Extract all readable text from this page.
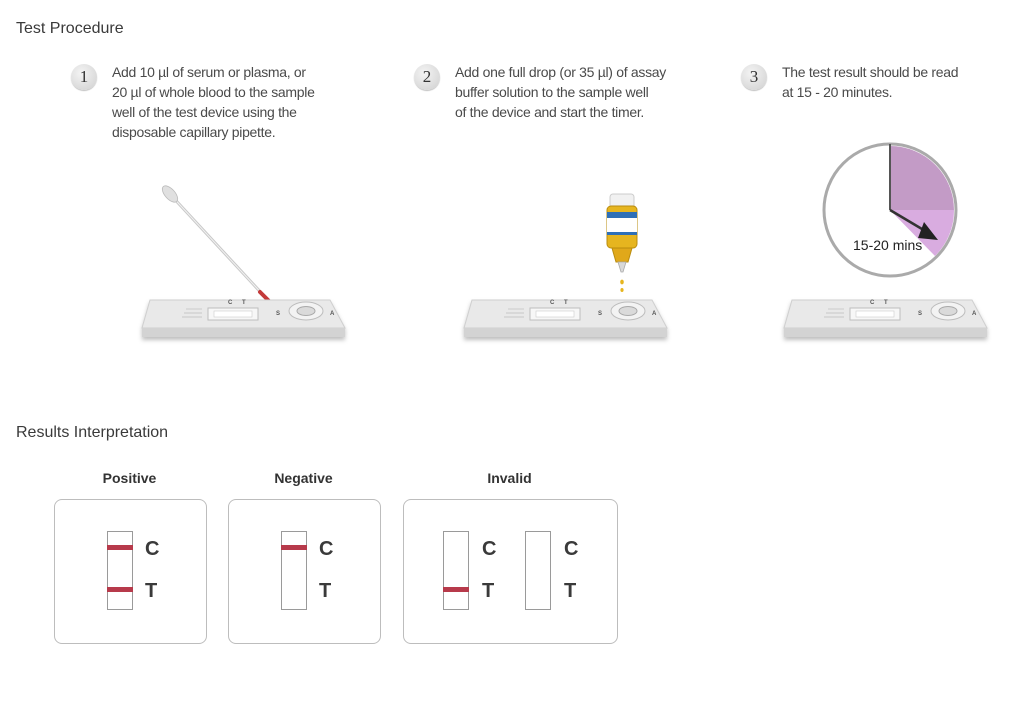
Test Procedure
1	Add 10 µl of serum or plasma, or
20 µl of whole blood to the sample
well of the test device using the
disposable capillary pipette.
2	Add one full drop (or 35 µl) of assay
buffer solution to the sample well
of the device and start the timer.
3	The test result should be read
at 15 - 20 minutes.
C T
S	A
C T
S	A
15-20 mins
C T
S	A
Results Interpretation
Positive
C
T
Negative
C
T
Invalid
C
T
C
T
